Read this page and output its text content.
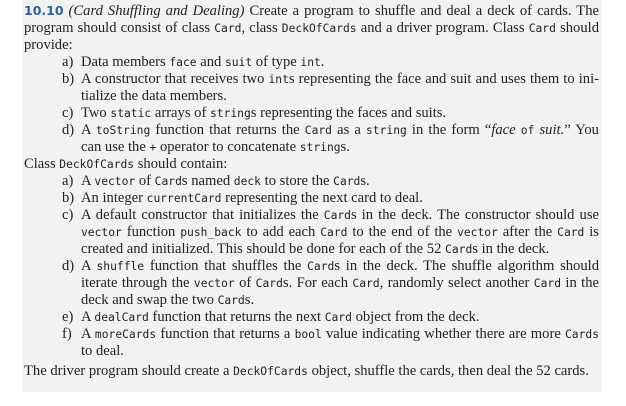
10.10 (Card Shuffling and Dealing) Create a program to shuffle and deal a deck of cards. The program should consist of class Card, class DeckOfCards and a driver program. Class Card should provide:

a) Data members face and suit of type int.
b) A constructor that receives two ints representing the face and suit and uses them to ini-tialize the data members.
c) Two static arrays of strings representing the faces and suits.
d) A toString function that returns the Card as a string in the form “face of suit.” You can use the + operator to concatenate strings.

Class DeckOfCards should contain:

a) A vector of Cards named deck to store the Cards.
b) An integer currentCard representing the next card to deal.
c) A default constructor that initializes the Cards in the deck. The constructor should use vector function push_back to add each Card to the end of the vector after the Card is created and initialized. This should be done for each of the 52 Cards in the deck.
d) A shuffle function that shuffles the Cards in the deck. The shuffle algorithm should iterate through the vector of Cards. For each Card, randomly select another Card in the deck and swap the two Cards.
e) A dealCard function that returns the next Card object from the deck.
f) A moreCards function that returns a bool value indicating whether there are more Cards to deal.

The driver program should create a DeckOfCards object, shuffle the cards, then deal the 52 cards.
